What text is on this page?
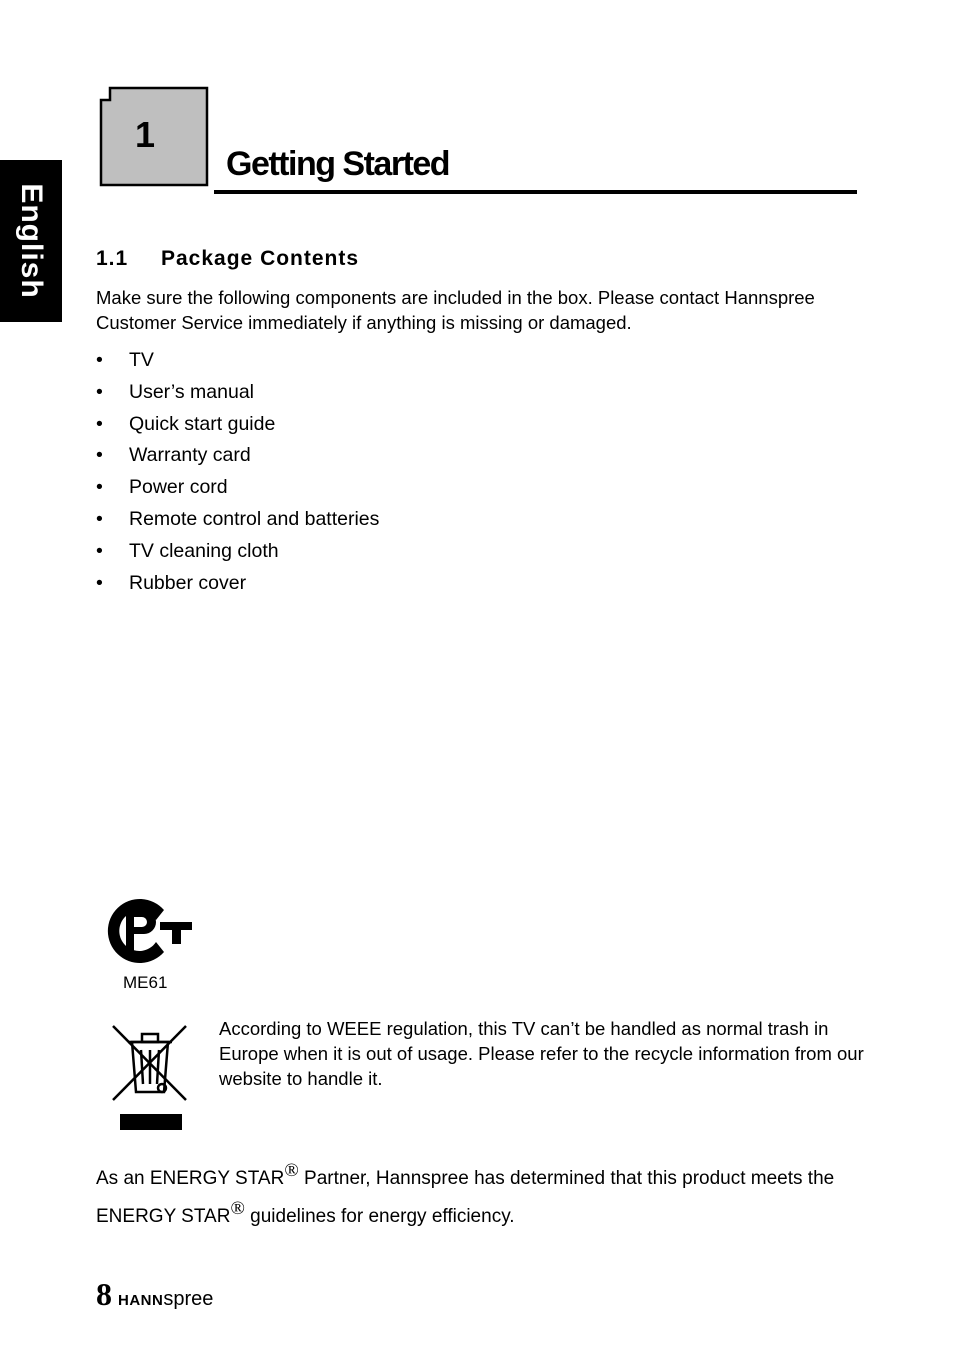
English
1
Getting Started
1.1 Package Contents
Make sure the following components are included in the box. Please contact Hannspree Customer Service immediately if anything is missing or damaged.
• TV
• User’s manual
• Quick start guide
• Warranty card
• Power cord
• Remote control and batteries
• TV cleaning cloth
• Rubber cover
ME61
According to WEEE regulation, this TV can’t be handled as normal trash in Europe when it is out of usage. Please refer to the recycle information from our website to handle it.
As an ENERGY STAR® Partner, Hannspree has determined that this product meets the ENERGY STAR® guidelines for energy efficiency.
8 HANNspree
